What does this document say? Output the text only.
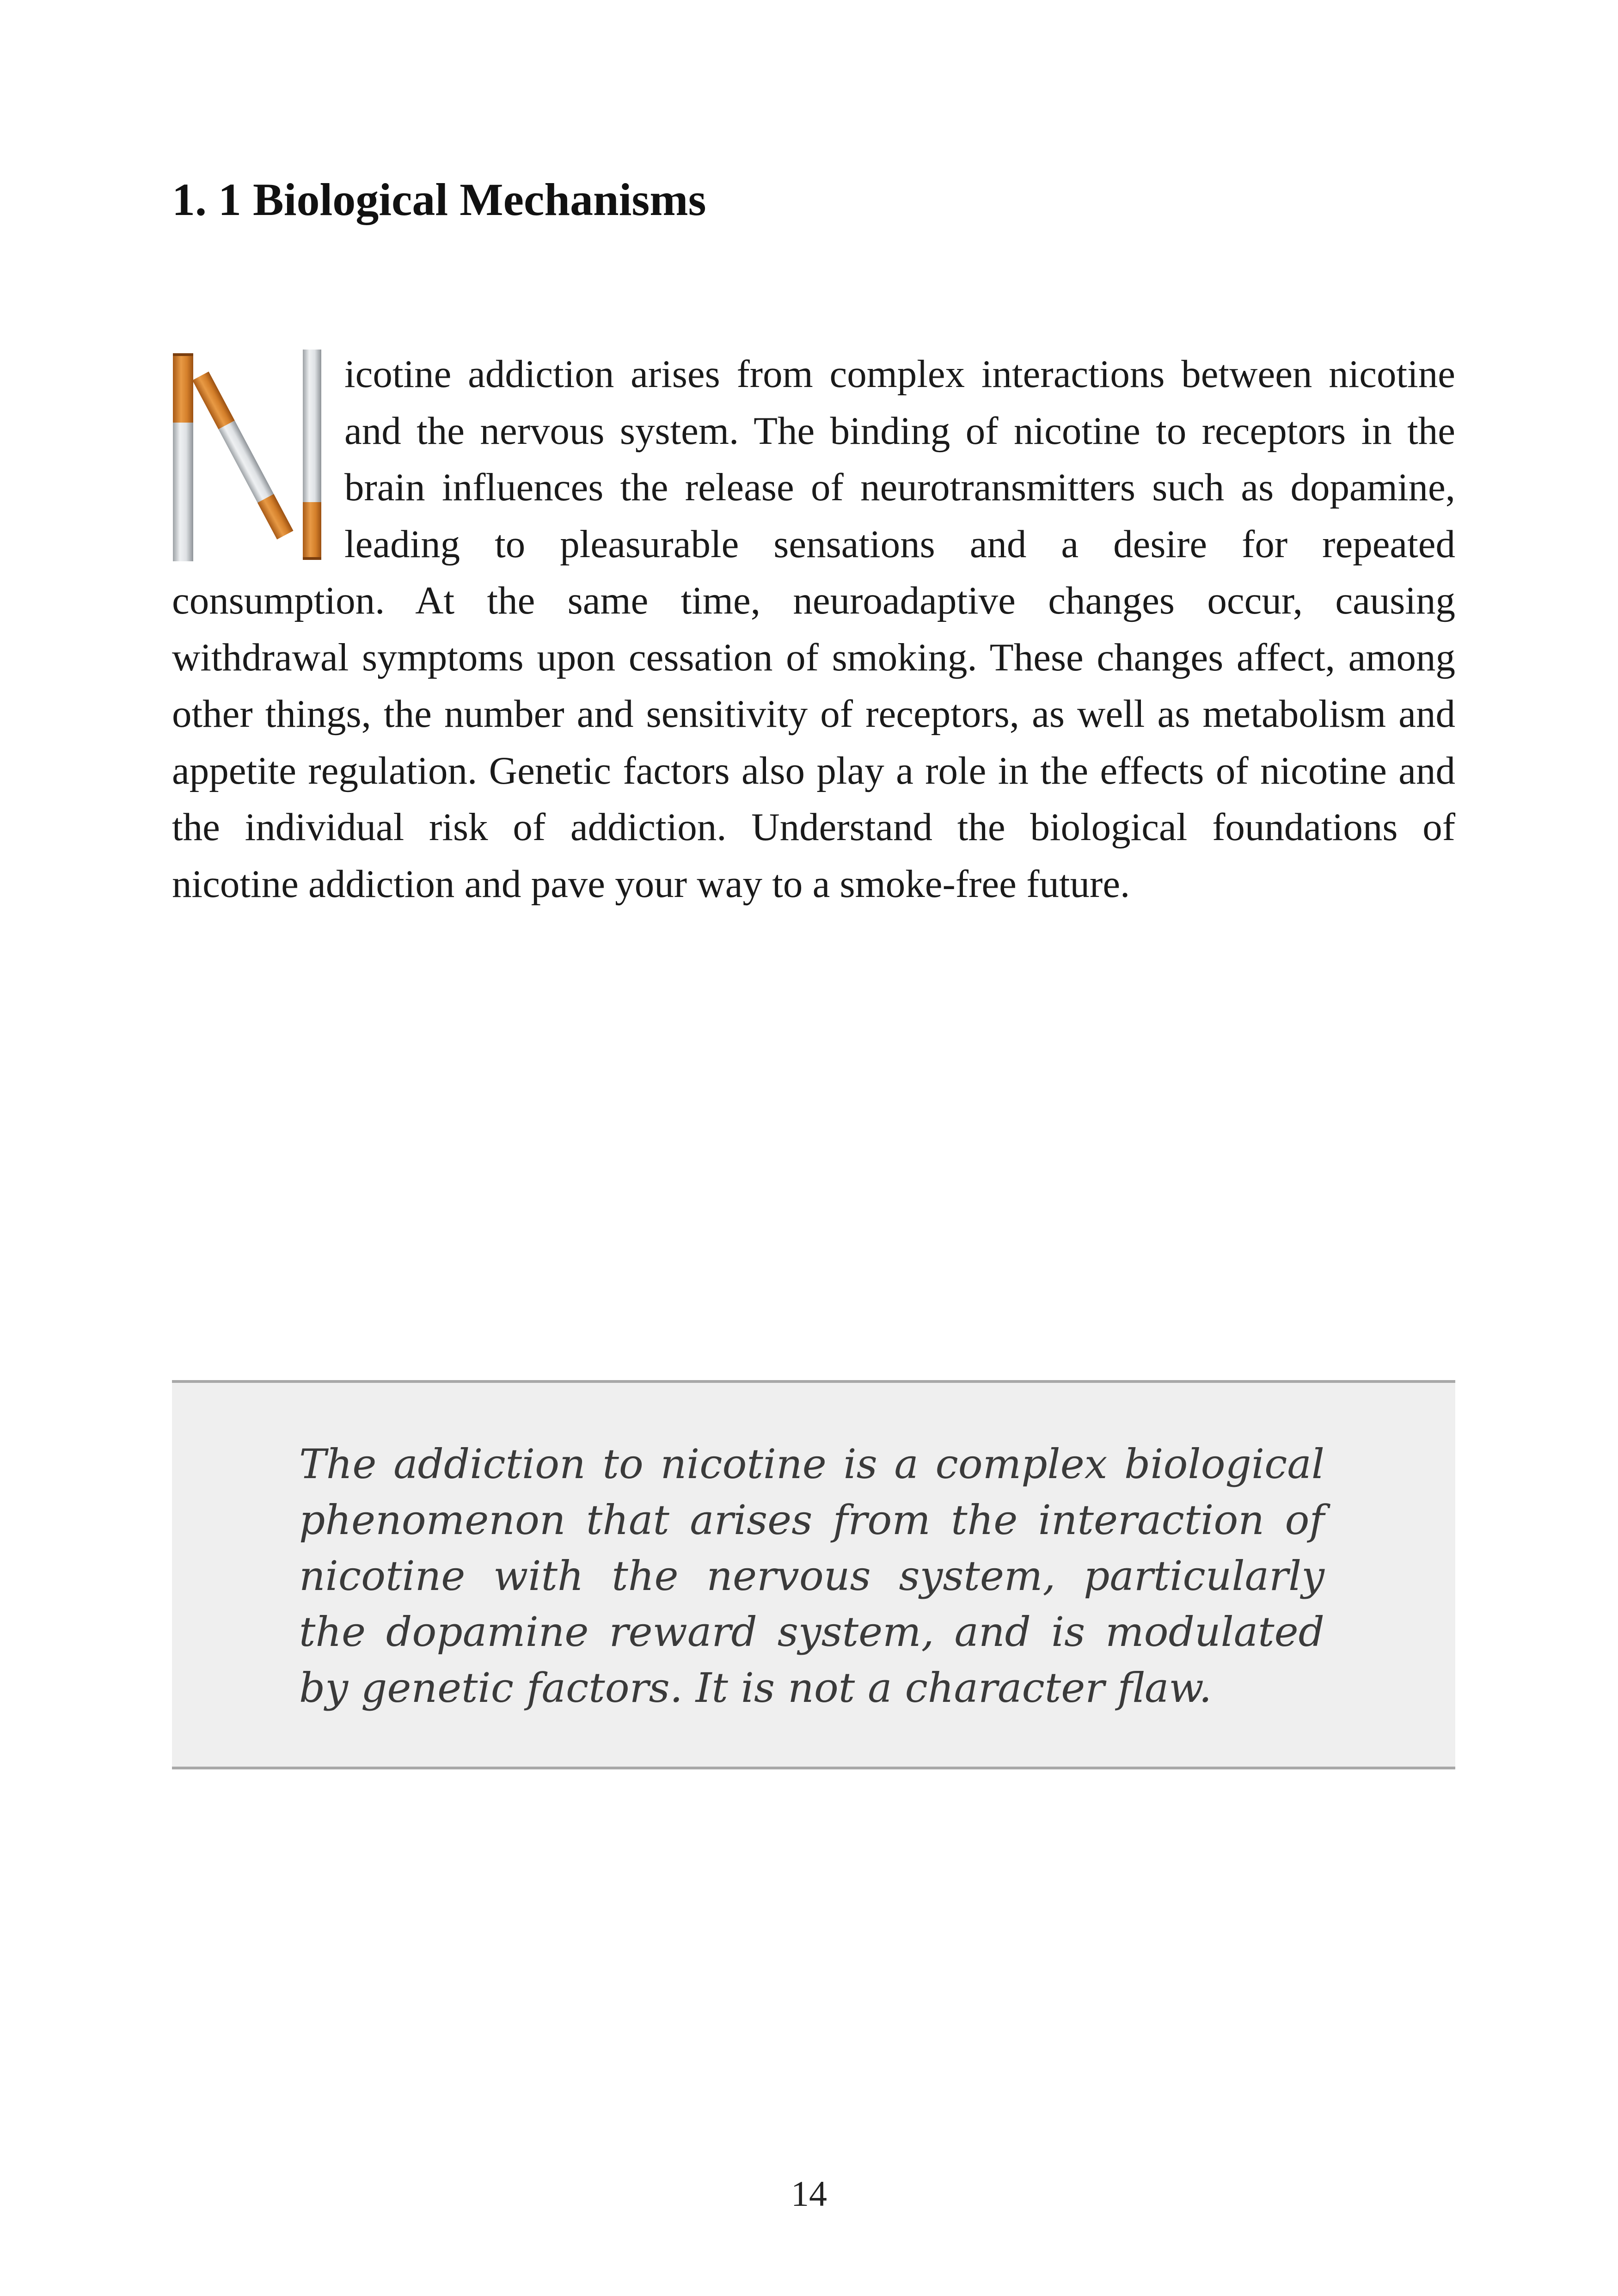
1. 1 Biological Mechanisms

icotine addiction arises from complex interactions between nicotine and the nervous system. The binding of nicotine to receptors in the brain influences the release of neurotransmitters such as dopamine, leading to pleasurable sensations and a desire for repeated consumption. At the same time, neuroadaptive changes occur, causing withdrawal symptoms upon cessation of smoking. These changes affect, among other things, the number and sensitivity of receptors, as well as metabolism and appetite regulation. Genetic factors also play a role in the effects of nicotine and the individual risk of addiction. Understand the biological foundations of nicotine addiction and pave your way to a smoke-free future.

The addiction to nicotine is a complex biological phenomenon that arises from the interaction of nicotine with the nervous system, particularly the dopamine reward system, and is modulated by genetic factors. It is not a character flaw.

14
